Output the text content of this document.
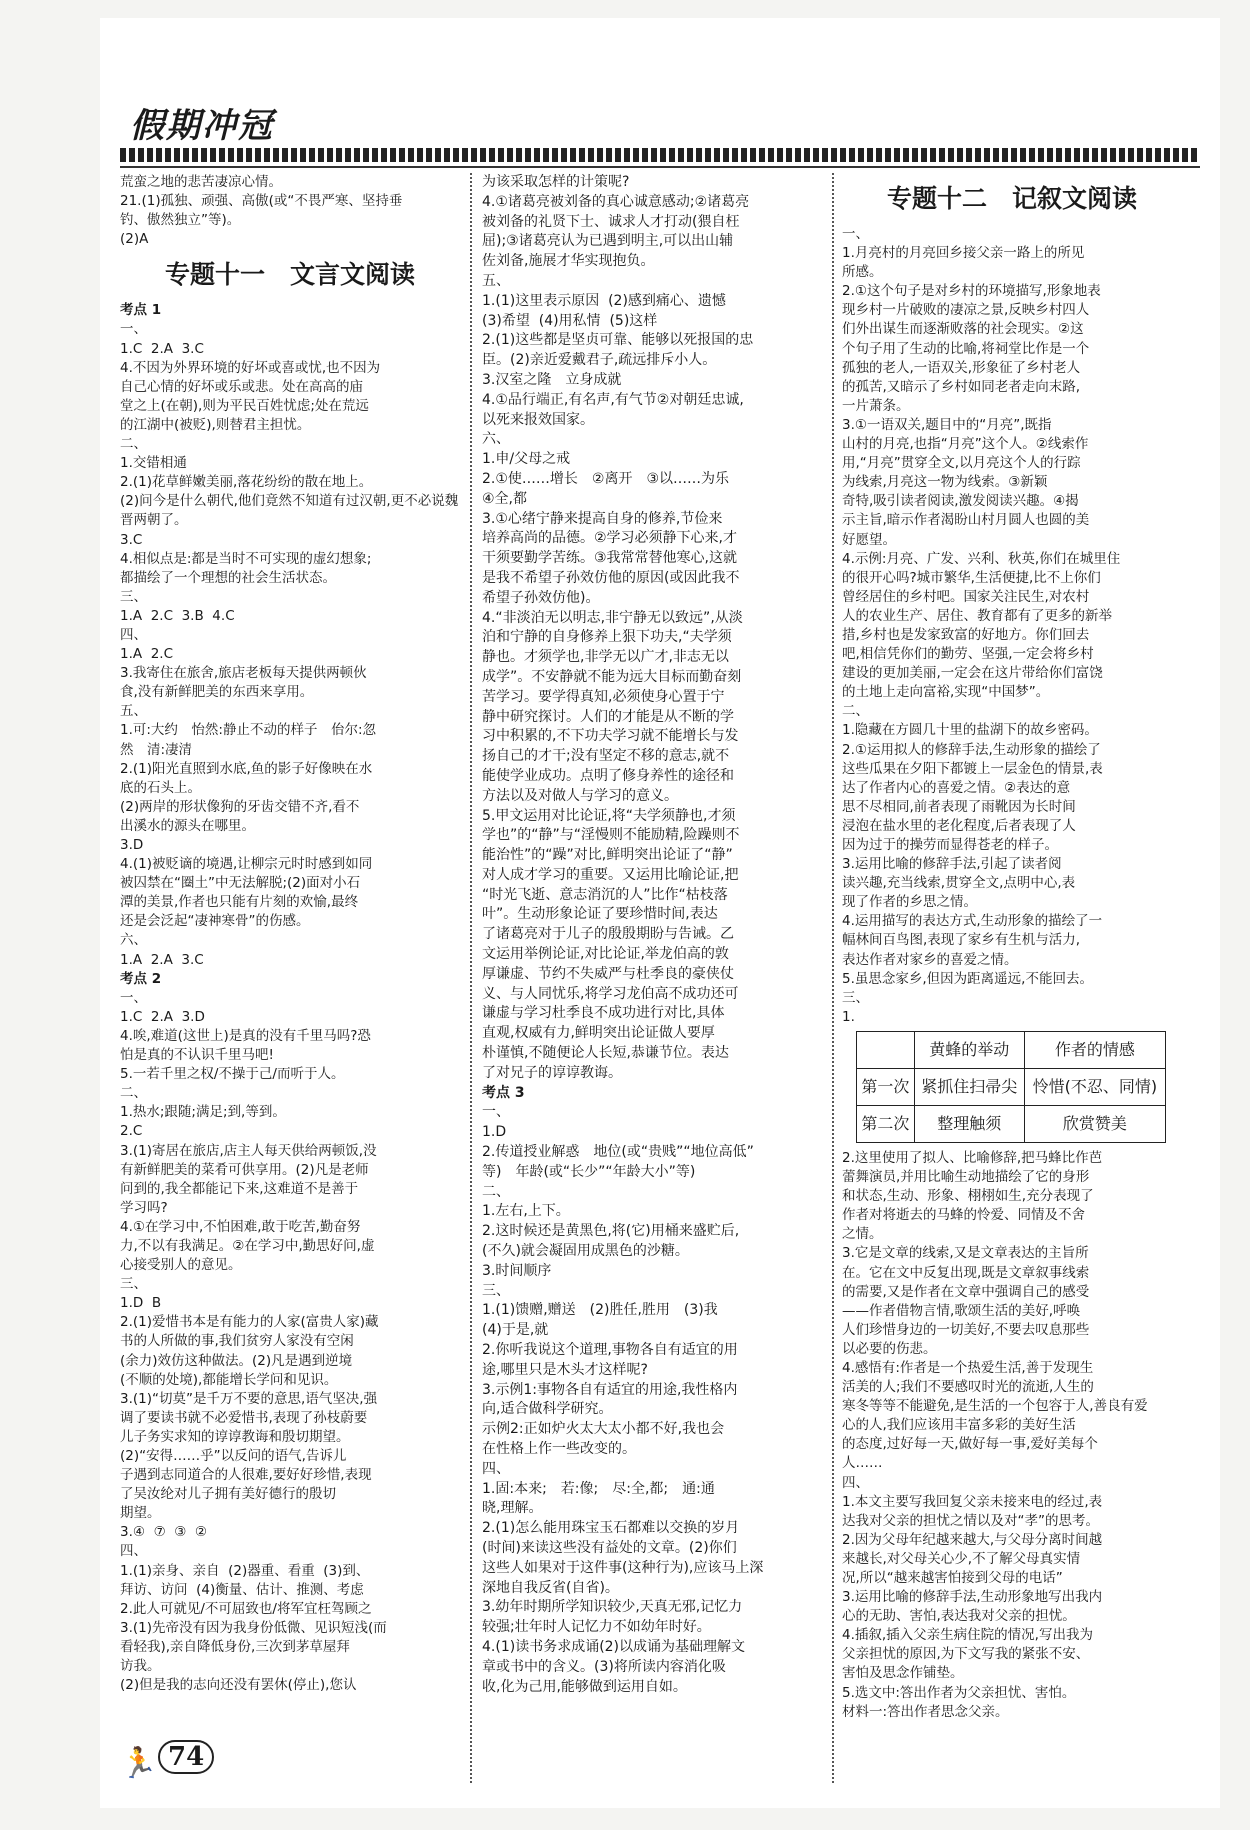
假期冲冠
荒蛮之地的悲苦凄凉心情。
21.(1)孤独、顽强、高傲(或“不畏严寒、坚持垂
钓、傲然独立”等)。
(2)A
专题十一　文言文阅读
考点 1
一、
1.C  2.A  3.C
4.不因为外界环境的好坏或喜或忧,也不因为
自己心情的好坏或乐或悲。处在高高的庙
堂之上(在朝),则为平民百姓忧虑;处在荒远
的江湖中(被贬),则替君主担忧。
二、
1.交错相通
2.(1)花草鲜嫩美丽,落花纷纷的散在地上。
(2)问今是什么朝代,他们竟然不知道有过汉朝,更不必说魏晋两朝了。
3.C
4.相似点是:都是当时不可实现的虚幻想象;
都描绘了一个理想的社会生活状态。
三、
1.A  2.C  3.B  4.C
四、
1.A  2.C
3.我寄住在旅舍,旅店老板每天提供两顿伙
食,没有新鲜肥美的东西来享用。
五、
1.可:大约　怡然:静止不动的样子　佁尔:忽
然　清:凄清
2.(1)阳光直照到水底,鱼的影子好像映在水
底的石头上。
(2)两岸的形状像狗的牙齿交错不齐,看不
出溪水的源头在哪里。
3.D
4.(1)被贬谪的境遇,让柳宗元时时感到如同
被囚禁在“圈土”中无法解脱;(2)面对小石
潭的美景,作者也只能有片刻的欢愉,最终
还是会泛起“凄神寒骨”的伤感。
六、
1.A  2.A  3.C
考点 2
一、
1.C  2.A  3.D
4.唉,难道(这世上)是真的没有千里马吗?恐
怕是真的不认识千里马吧!
5.一若千里之权/不操于己/而听于人。
二、
1.热水;跟随;满足;到,等到。
2.C
3.(1)寄居在旅店,店主人每天供给两顿饭,没
有新鲜肥美的菜肴可供享用。(2)凡是老师
问到的,我全都能记下来,这难道不是善于
学习吗?
4.①在学习中,不怕困难,敢于吃苦,勤奋努
力,不以有我满足。②在学习中,勤思好问,虚
心接受别人的意见。
三、
1.D  B
2.(1)爱惜书本是有能力的人家(富贵人家)藏
书的人所做的事,我们贫穷人家没有空闲
(余力)效仿这种做法。(2)凡是遇到逆境
(不顺的处境),都能增长学问和见识。
3.(1)“切莫”是千万不要的意思,语气坚决,强
调了要读书就不必爱惜书,表现了孙枝蔚要
儿子务实求知的谆谆教诲和殷切期望。
(2)“安得……乎”以反问的语气,告诉儿
子遇到志同道合的人很难,要好好珍惜,表现
了吴汝纶对儿子拥有美好德行的殷切
期望。
3.④  ⑦  ③  ②
四、
1.(1)亲身、亲自  (2)器重、看重  (3)到、
拜访、访问  (4)衡量、估计、推测、考虑
2.此人可就见/不可屈致也/将军宜枉驾顾之
3.(1)先帝没有因为我身份低微、见识短浅(而
看轻我),亲自降低身份,三次到茅草屋拜
访我。
(2)但是我的志向还没有罢休(停止),您认
为该采取怎样的计策呢?
4.①诸葛亮被刘备的真心诚意感动;②诸葛亮
被刘备的礼贤下士、诚求人才打动(猥自枉
屈);③诸葛亮认为已遇到明主,可以出山辅
佐刘备,施展才华实现抱负。
五、
1.(1)这里表示原因  (2)感到痛心、遗憾
(3)希望  (4)用私情  (5)这样
2.(1)这些都是坚贞可靠、能够以死报国的忠
臣。(2)亲近爱戴君子,疏远排斥小人。
3.汉室之隆　立身成就
4.①品行端正,有名声,有气节②对朝廷忠诚,
以死来报效国家。
六、
1.申/父母之戒
2.①使……增长　②离开　③以……为乐
④全,都
3.①心绪宁静来提高自身的修养,节俭来
培养高尚的品德。②学习必须静下心来,才
干须要勤学苦练。③我常常替他寒心,这就
是我不希望子孙效仿他的原因(或因此我不
希望子孙效仿他)。
4.“非淡泊无以明志,非宁静无以致远”,从淡
泊和宁静的自身修养上狠下功夫,“夫学须
静也。才须学也,非学无以广才,非志无以
成学”。不安静就不能为远大目标而勤奋刻
苦学习。要学得真知,必须使身心置于宁
静中研究探讨。人们的才能是从不断的学
习中积累的,不下功夫学习就不能增长与发
扬自己的才干;没有坚定不移的意志,就不
能使学业成功。点明了修身养性的途径和
方法以及对做人与学习的意义。
5.甲文运用对比论证,将“夫学须静也,才须
学也”的“静”与“淫慢则不能励精,险躁则不
能治性”的“躁”对比,鲜明突出论证了“静”
对人成才学习的重要。又运用比喻论证,把
“时光飞逝、意志消沉的人”比作“枯枝落
叶”。生动形象论证了要珍惜时间,表达
了诸葛亮对于儿子的殷殷期盼与告诫。乙
文运用举例论证,对比论证,举龙伯高的敦
厚谦虚、节约不失威严与杜季良的豪侠仗
义、与人同忧乐,将学习龙伯高不成功还可
谦虚与学习杜季良不成功进行对比,具体
直观,权威有力,鲜明突出论证做人要厚
朴谨慎,不随便论人长短,恭谦节位。表达
了对兄子的谆谆教诲。
考点 3
一、
1.D
2.传道授业解惑　地位(或“贵贱”“地位高低”
等)　年龄(或“长少”“年龄大小”等)
二、
1.左右,上下。
2.这时候还是黄黑色,将(它)用桶来盛贮后,
(不久)就会凝固用成黑色的沙糖。
3.时间顺序
三、
1.(1)馈赠,赠送　(2)胜任,胜用　(3)我
(4)于是,就
2.你听我说这个道理,事物各自有适宜的用
途,哪里只是木头才这样呢?
3.示例1:事物各自有适宜的用途,我性格内
向,适合做科学研究。
示例2:正如炉火太大太小都不好,我也会
在性格上作一些改变的。
四、
1.固:本来;　若:像;　尽:全,都;　通:通
晓,理解。
2.(1)怎么能用珠宝玉石都难以交换的岁月
(时间)来读这些没有益处的文章。(2)你们
这些人如果对于这件事(这种行为),应该马上深
深地自我反省(自省)。
3.幼年时期所学知识较少,天真无邪,记忆力
较强;壮年时人记忆力不如幼年时好。
4.(1)读书务求成诵(2)以成诵为基础理解文
章或书中的含义。(3)将所读内容消化吸
收,化为己用,能够做到运用自如。
专题十二　记叙文阅读
一、
1.月亮村的月亮回乡接父亲一路上的所见
所感。
2.①这个句子是对乡村的环境描写,形象地表
现乡村一片破败的凄凉之景,反映乡村四人
们外出谋生而逐渐败落的社会现实。②这
个句子用了生动的比喻,将祠堂比作是一个
孤独的老人,一语双关,形象征了乡村老人
的孤苦,又暗示了乡村如同老者走向末路,
一片萧条。
3.①一语双关,题目中的“月亮”,既指
山村的月亮,也指“月亮”这个人。②线索作
用,“月亮”贯穿全文,以月亮这个人的行踪
为线索,月亮这一物为线索。③新颖
奇特,吸引读者阅读,激发阅读兴趣。④揭
示主旨,暗示作者渴盼山村月圆人也圆的美
好愿望。
4.示例:月亮、广发、兴利、秋英,你们在城里住
的很开心吗?城市繁华,生活便捷,比不上你们
曾经居住的乡村吧。国家关注民生,对农村
人的农业生产、居住、教育都有了更多的新举
措,乡村也是发家致富的好地方。你们回去
吧,相信凭你们的勤劳、坚强,一定会将乡村
建设的更加美丽,一定会在这片带给你们富饶
的土地上走向富裕,实现“中国梦”。
二、
1.隐藏在方圆几十里的盐湖下的故乡密码。
2.①运用拟人的修辞手法,生动形象的描绘了
这些瓜果在夕阳下都镀上一层金色的情景,表
达了作者内心的喜爱之情。②表达的意
思不尽相同,前者表现了雨靴因为长时间
浸泡在盐水里的老化程度,后者表现了人
因为过于的操劳而显得苍老的样子。
3.运用比喻的修辞手法,引起了读者阅
读兴趣,充当线索,贯穿全文,点明中心,表
现了作者的乡思之情。
4.运用描写的表达方式,生动形象的描绘了一
幅林间百鸟图,表现了家乡有生机与活力,
表达作者对家乡的喜爱之情。
5.虽思念家乡,但因为距离遥远,不能回去。
三、
1.
	黄蜂的举动	作者的情感
第一次	紧抓住扫帚尖	怜惜(不忍、同情)
第二次	整理触须	欣赏赞美
2.这里使用了拟人、比喻修辞,把马蜂比作芭
蕾舞演员,并用比喻生动地描绘了它的身形
和状态,生动、形象、栩栩如生,充分表现了
作者对将逝去的马蜂的怜爱、同情及不舍
之情。
3.它是文章的线索,又是文章表达的主旨所
在。它在文中反复出现,既是文章叙事线索
的需要,又是作者在文章中强调自己的感受
——作者借物言情,歌颂生活的美好,呼唤
人们珍惜身边的一切美好,不要去叹息那些
以必要的伤悲。
4.感悟有:作者是一个热爱生活,善于发现生
活美的人;我们不要感叹时光的流逝,人生的
寒冬等等不能避免,是生活的一个包容于人,善良有爱
心的人,我们应该用丰富多彩的美好生活
的态度,过好每一天,做好每一事,爱好美每个
人……
四、
1.本文主要写我回复父亲未接来电的经过,表
达我对父亲的担忧之情以及对“孝”的思考。
2.因为父母年纪越来越大,与父母分离时间越
来越长,对父母关心少,不了解父母真实情
况,所以“越来越害怕接到父母的电话”
3.运用比喻的修辞手法,生动形象地写出我内
心的无助、害怕,表达我对父亲的担忧。
4.插叙,插入父亲生病住院的情况,写出我为
父亲担忧的原因,为下文写我的紧张不安、
害怕及思念作铺垫。
5.选文中:答出作者为父亲担忧、害怕。
材料一:答出作者思念父亲。
🏃 74
